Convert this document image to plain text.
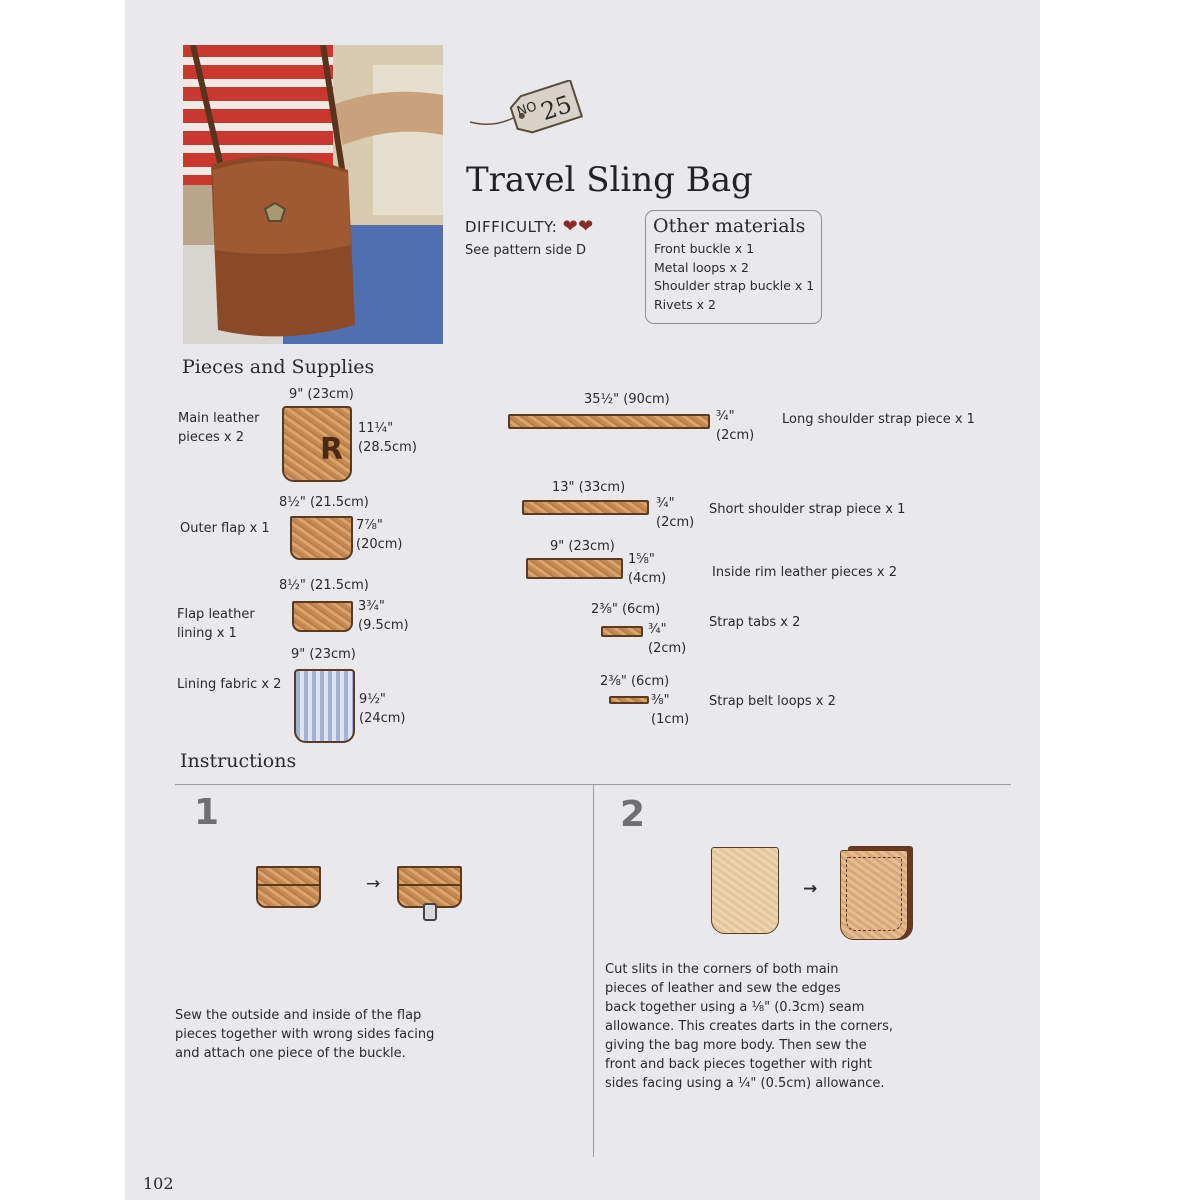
NO
25
Travel Sling Bag
DIFFICULTY: ❤❤
See pattern side D
Other materials
Front buckle x 1
Metal loops x 2
Shoulder strap buckle x 1
Rivets x 2
Pieces and Supplies
9" (23cm)
Main leather
pieces x 2	R
11¼"
(28.5cm)
8½" (21.5cm)
Outer flap x 1	7⅞"
(20cm)
8½" (21.5cm)
Flap leather
lining x 1
3¾"
(9.5cm)
9" (23cm)
Lining fabric x 2
9½"
(24cm)
35½" (90cm)
¾"
(2cm)
Long shoulder strap piece x 1
13" (33cm)
¾"
(2cm)
Short shoulder strap piece x 1
9" (23cm)
1⅝"
(4cm)	Inside rim leather pieces x 2
2⅜" (6cm)
¾"
(2cm)
Strap tabs x 2
2⅜" (6cm)
⅜"
(1cm)
Strap belt loops x 2
Instructions
1
→
Sew the outside and inside of the flap
pieces together with wrong sides facing
and attach one piece of the buckle.
2
→
Cut slits in the corners of both main
pieces of leather and sew the edges
back together using a ⅛" (0.3cm) seam
allowance. This creates darts in the corners,
giving the bag more body. Then sew the
front and back pieces together with right
sides facing using a ¼" (0.5cm) allowance.
102
